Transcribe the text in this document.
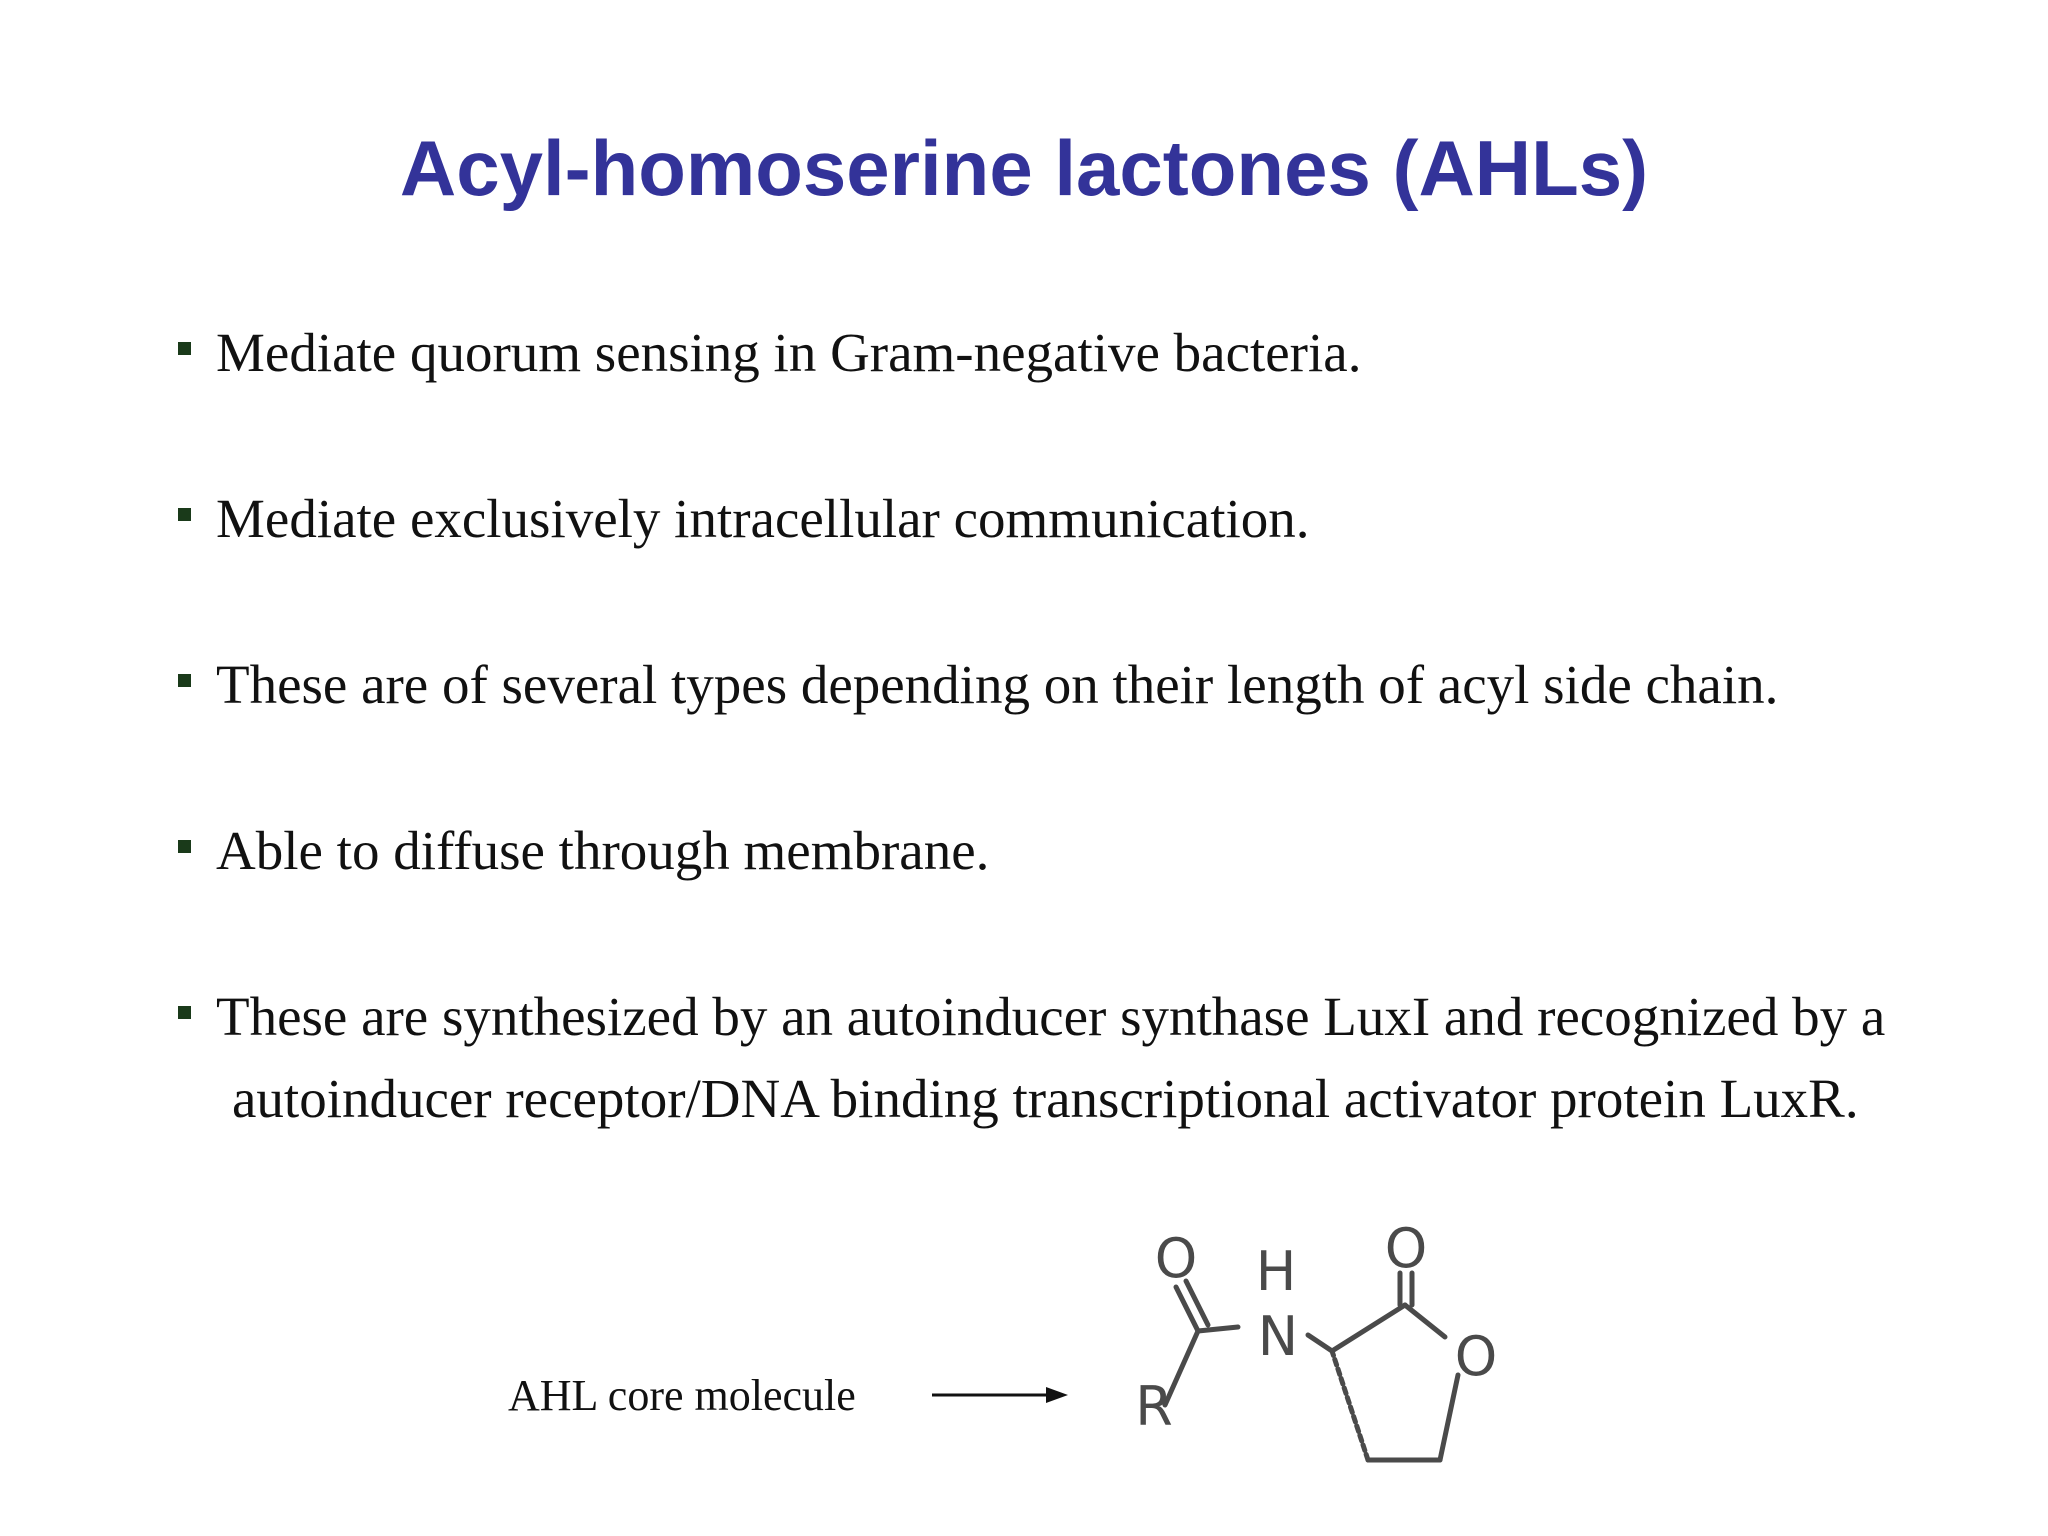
Acyl-homoserine lactones (AHLs)
Mediate quorum sensing in Gram-negative bacteria.
Mediate exclusively intracellular communication.
These are of several types depending on their length of acyl side chain.
Able to diffuse through membrane.
These are synthesized by an autoinducer synthase LuxI and recognized by a
autoinducer receptor/DNA binding transcriptional activator protein LuxR.
AHL core molecule
O H
N
O
O
R
